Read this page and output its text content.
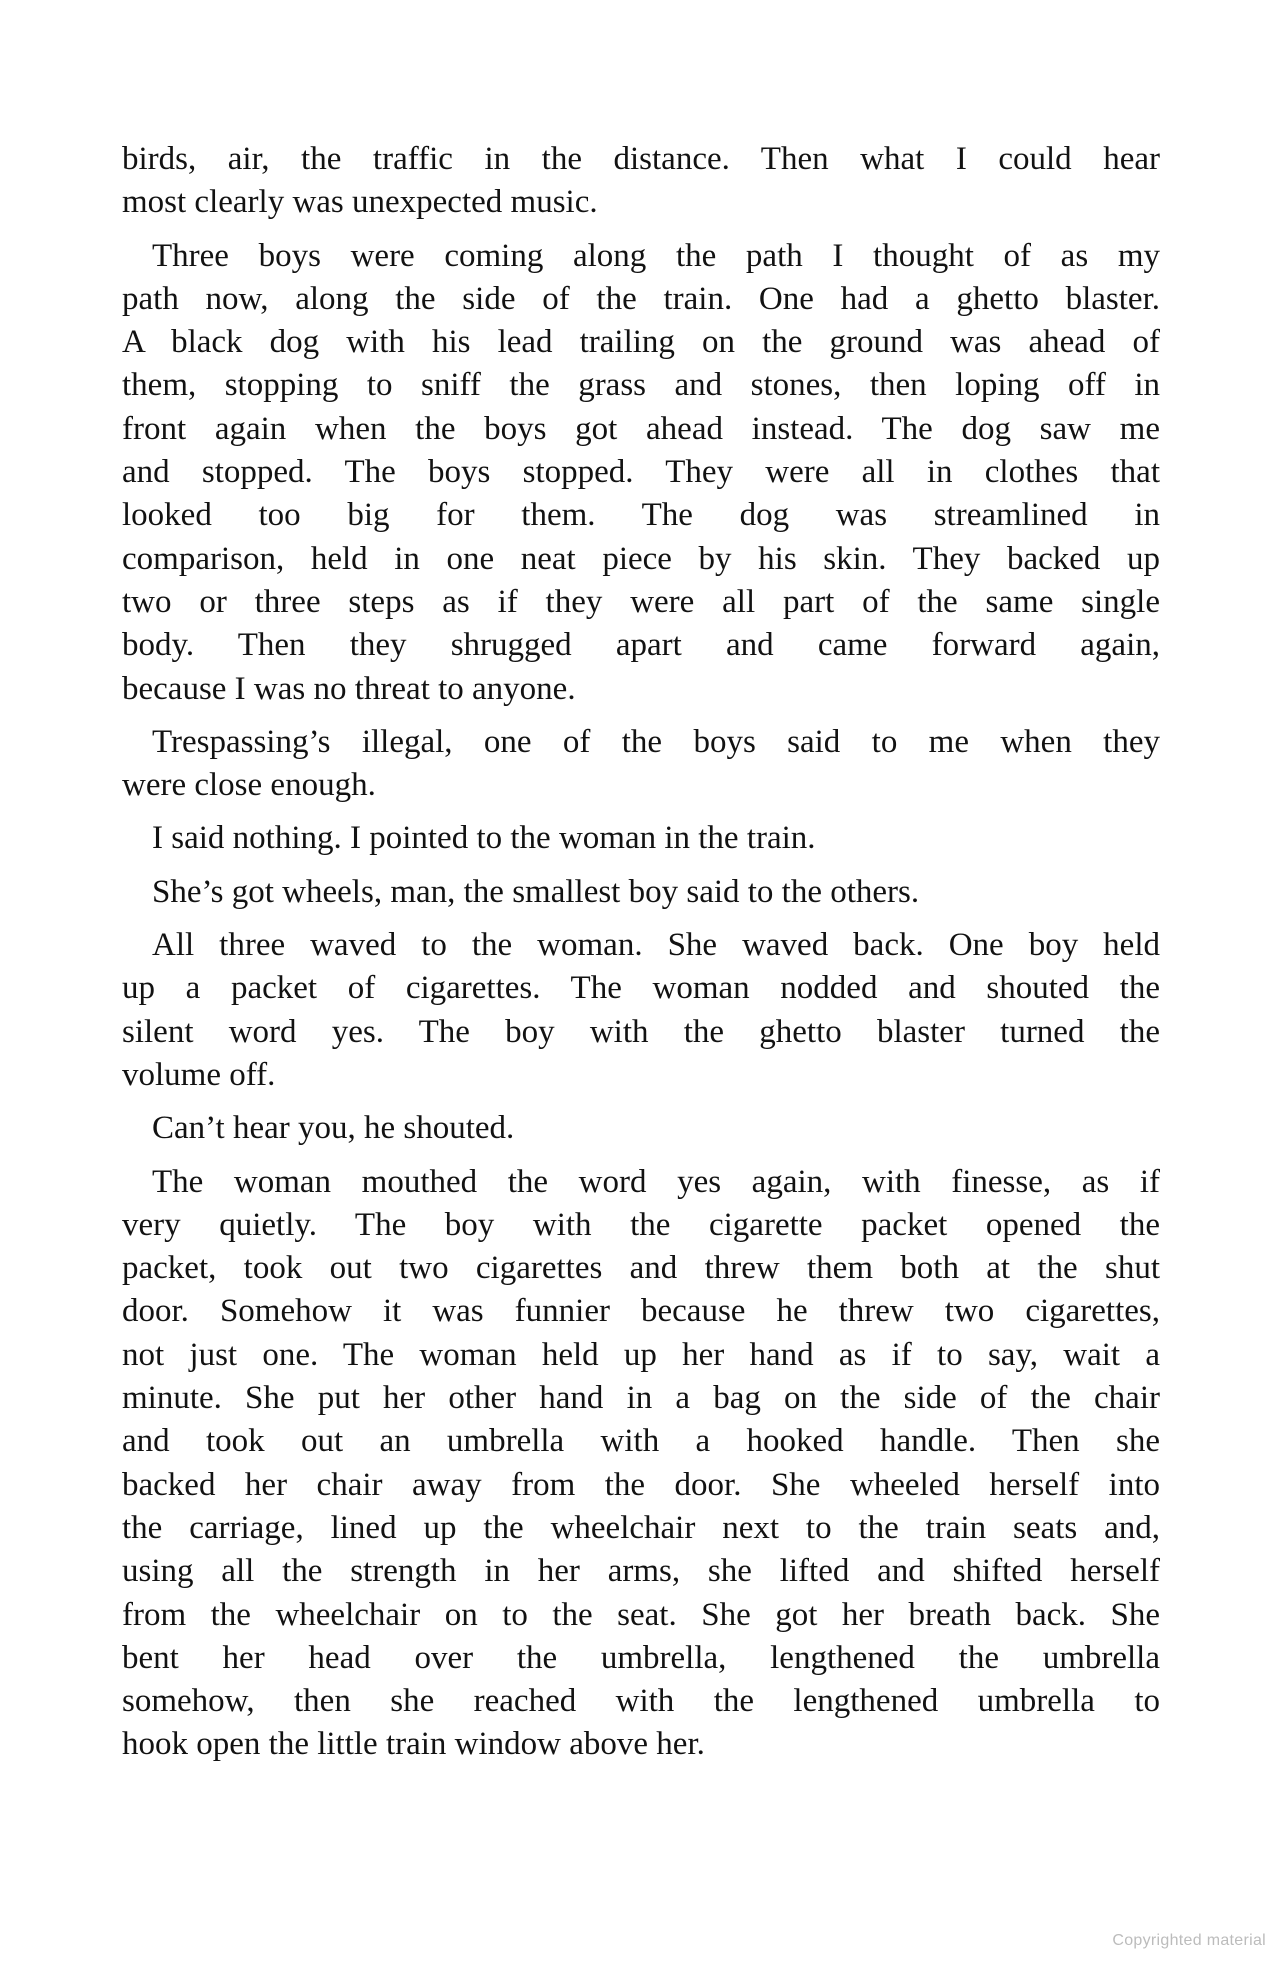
birds, air, the traffic in the distance. Then what I could hear
most clearly was unexpected music.

Three boys were coming along the path I thought of as my
path now, along the side of the train. One had a ghetto blaster.
A black dog with his lead trailing on the ground was ahead of
them, stopping to sniff the grass and stones, then loping off in
front again when the boys got ahead instead. The dog saw me
and stopped. The boys stopped. They were all in clothes that
looked too big for them. The dog was streamlined in
comparison, held in one neat piece by his skin. They backed up
two or three steps as if they were all part of the same single
body. Then they shrugged apart and came forward again,
because I was no threat to anyone.

Trespassing’s illegal, one of the boys said to me when they
were close enough.

I said nothing. I pointed to the woman in the train.

She’s got wheels, man, the smallest boy said to the others.

All three waved to the woman. She waved back. One boy held
up a packet of cigarettes. The woman nodded and shouted the
silent word yes. The boy with the ghetto blaster turned the
volume off.

Can’t hear you, he shouted.

The woman mouthed the word yes again, with finesse, as if
very quietly. The boy with the cigarette packet opened the
packet, took out two cigarettes and threw them both at the shut
door. Somehow it was funnier because he threw two cigarettes,
not just one. The woman held up her hand as if to say, wait a
minute. She put her other hand in a bag on the side of the chair
and took out an umbrella with a hooked handle. Then she
backed her chair away from the door. She wheeled herself into
the carriage, lined up the wheelchair next to the train seats and,
using all the strength in her arms, she lifted and shifted herself
from the wheelchair on to the seat. She got her breath back. She
bent her head over the umbrella, lengthened the umbrella
somehow, then she reached with the lengthened umbrella to
hook open the little train window above her.

Copyrighted material
